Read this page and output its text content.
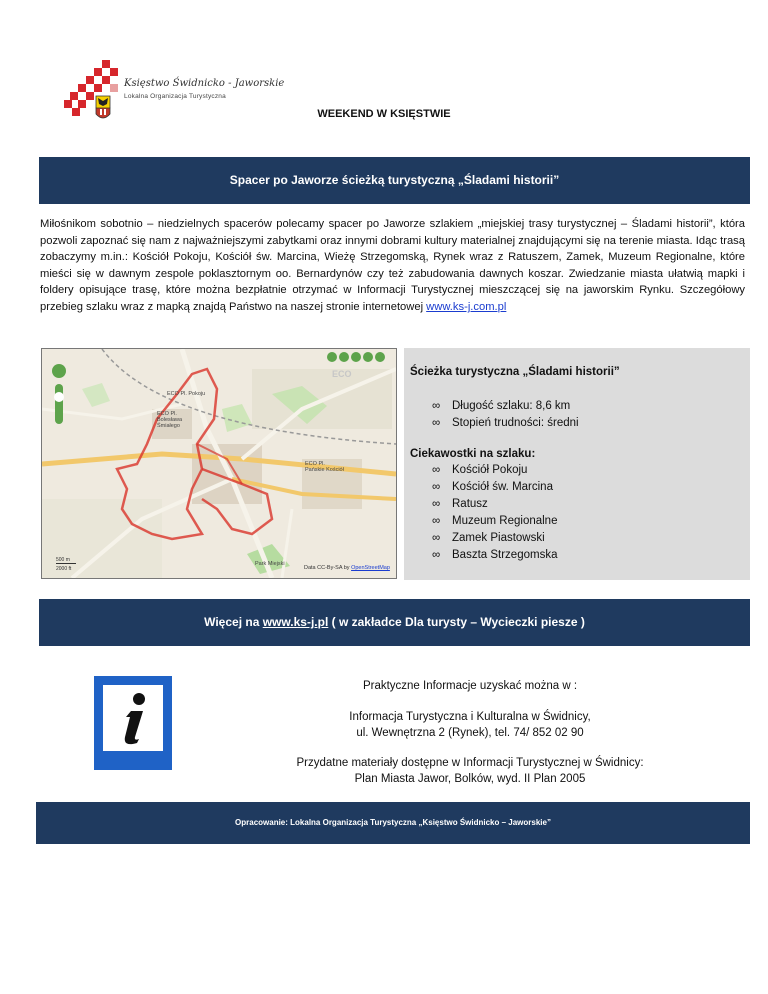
Księstwo Świdnicko - Jaworskie
Lokalna Organizacja Turystyczna
WEEKEND W KSIĘSTWIE
Spacer po Jaworze ścieżką turystyczną „Śladami historii”
Miłośnikom sobotnio – niedzielnych spacerów polecamy spacer po Jaworze szlakiem „miejskiej trasy turystycznej – Śladami historii”, która pozwoli zapoznać się nam z najważniejszymi zabytkami oraz innymi dobrami kultury materialnej znajdującymi się na terenie miasta. Idąc trasą zobaczymy m.in.: Kościół Pokoju, Kościół św. Marcina, Wieżę Strzegomską, Rynek wraz z Ratuszem, Zamek, Muzeum Regionalne, które mieści się w dawnym zespole poklasztornym oo. Bernardynów czy też zabudowania dawnych koszar. Zwiedzanie miasta ułatwią mapki i foldery opisujące trasę, które można bezpłatnie otrzymać w Informacji Turystycznej mieszczącej się na jaworskim Rynku. Szczegółowy przebieg szlaku wraz z mapką znajdą Państwo na naszej stronie internetowej www.ks-j.com.pl
ECO Pl. Pokoju
ECO Pl. Bolesława Śmiałego
ECO Pl. Pańskie Kościół
Park Miejski
ECO
500 m
2000 ft	Data CC-By-SA by OpenStreetMap
Ścieżka turystyczna „Śladami historii”
∞ Długość szlaku: 8,6 km
∞ Stopień trudności: średni
Ciekawostki na szlaku:
∞ Kościół Pokoju
∞ Kościół św. Marcina
∞ Ratusz
∞ Muzeum Regionalne
∞ Zamek Piastowski
∞ Baszta Strzegomska
Więcej na www.ks-j.pl ( w zakładce Dla turysty – Wycieczki piesze )
Praktyczne Informacje uzyskać można w :
Informacja Turystyczna i Kulturalna w Świdnicy,
ul. Wewnętrzna 2 (Rynek), tel. 74/ 852 02 90
Przydatne materiały dostępne w Informacji Turystycznej w Świdnicy:
Plan Miasta Jawor, Bolków, wyd. II Plan 2005
Opracowanie: Lokalna Organizacja Turystyczna „Księstwo Świdnicko – Jaworskie”
